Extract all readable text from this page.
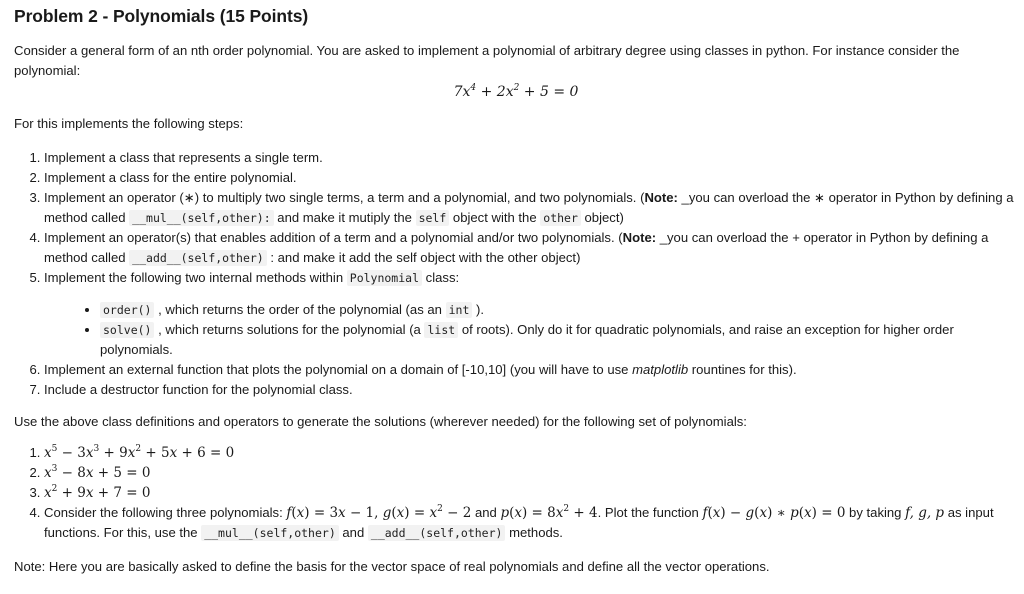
Problem 2 - Polynomials (15 Points)

Consider a general form of an nth order polynomial. You are asked to implement a polynomial of arbitrary degree using classes in python. For instance consider the polynomial:

$7x^4 + 2x^2 + 5 = 0$

For this implements the following steps:

1. Implement a class that represents a single term.
2. Implement a class for the entire polynomial.
3. Implement an operator (∗) to multiply two single terms, a term and a polynomial, and two polynomials. (Note: _you can overload the ∗ operator in Python by defining a method called __mul__(self,other): and make it mutiply the self object with the other object)
4. Implement an operator(s) that enables addition of a term and a polynomial and/or two polynomials. (Note: _you can overload the + operator in Python by defining a method called __add__(self,other) : and make it add the self object with the other object)
5. Implement the following two internal methods within Polynomial class:
• order() , which returns the order of the polynomial (as an int ).
• solve() , which returns solutions for the polynomial (a list of roots). Only do it for quadratic polynomials, and raise an exception for higher order polynomials.
6. Implement an external function that plots the polynomial on a domain of [-10,10] (you will have to use matplotlib rountines for this).
7. Include a destructor function for the polynomial class.

Use the above class definitions and operators to generate the solutions (wherever needed) for the following set of polynomials:

1. $x^5 - 3x^3 + 9x^2 + 5x + 6 = 0$
2. $x^3 - 8x + 5 = 0$
3. $x^2 + 9x + 7 = 0$
4. Consider the following three polynomials: f(x) = 3x − 1, $g(x) = x^2 - 2$ and $p(x) = 8x^2 + 4$. Plot the function f(x) − g(x) ∗ p(x) = 0 by taking f, g, p as input functions. For this, use the __mul__(self,other) and __add__(self,other) methods.

Note: Here you are basically asked to define the basis for the vector space of real polynomials and define all the vector operations.
